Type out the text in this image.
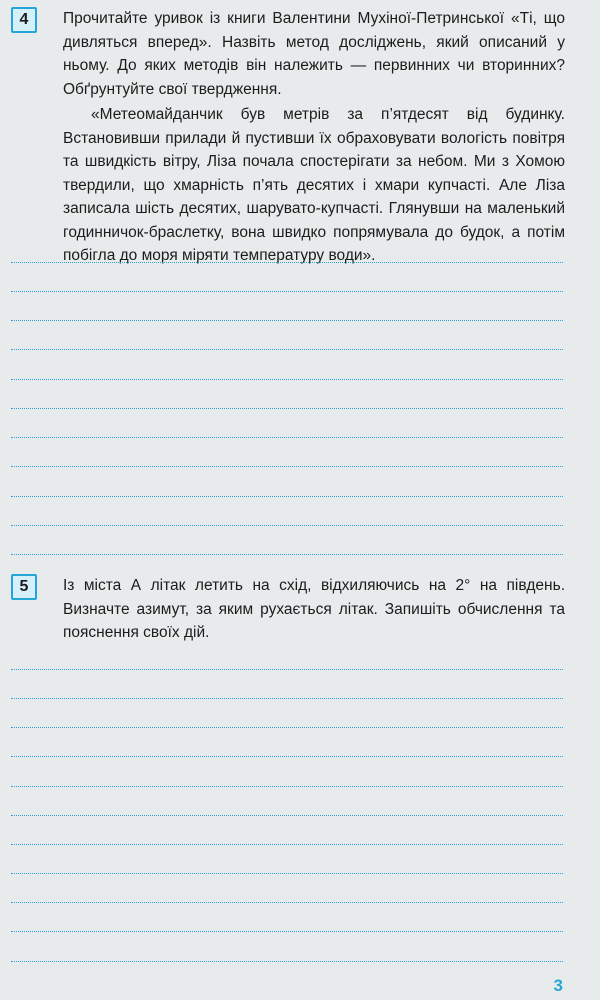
4	Прочитайте уривок із книги Валентини Мухіної-Петринської «Ті, що дивляться вперед». Назвіть метод досліджень, який описаний у ньому. До яких методів він належить — первинних чи вторинних? Обґрунтуйте свої твердження.

«Метеомайданчик був метрів за п’ятдесят від будинку. Встановивши прилади й пустивши їх обраховувати вологість повітря та швидкість вітру, Ліза почала спостерігати за небом. Ми з Хомою твердили, що хмарність п’ять десятих і хмари купчасті. Але Ліза записала шість десятих, шарувато-купчасті. Глянувши на маленький годинничок-браслетку, вона швидко попрямувала до будок, а потім побігла до моря міряти температуру води».

5	Із міста А літак летить на схід, відхиляючись на 2° на південь. Визначте азимут, за яким рухається літак. Запишіть обчислення та пояснення своїх дій.

3
